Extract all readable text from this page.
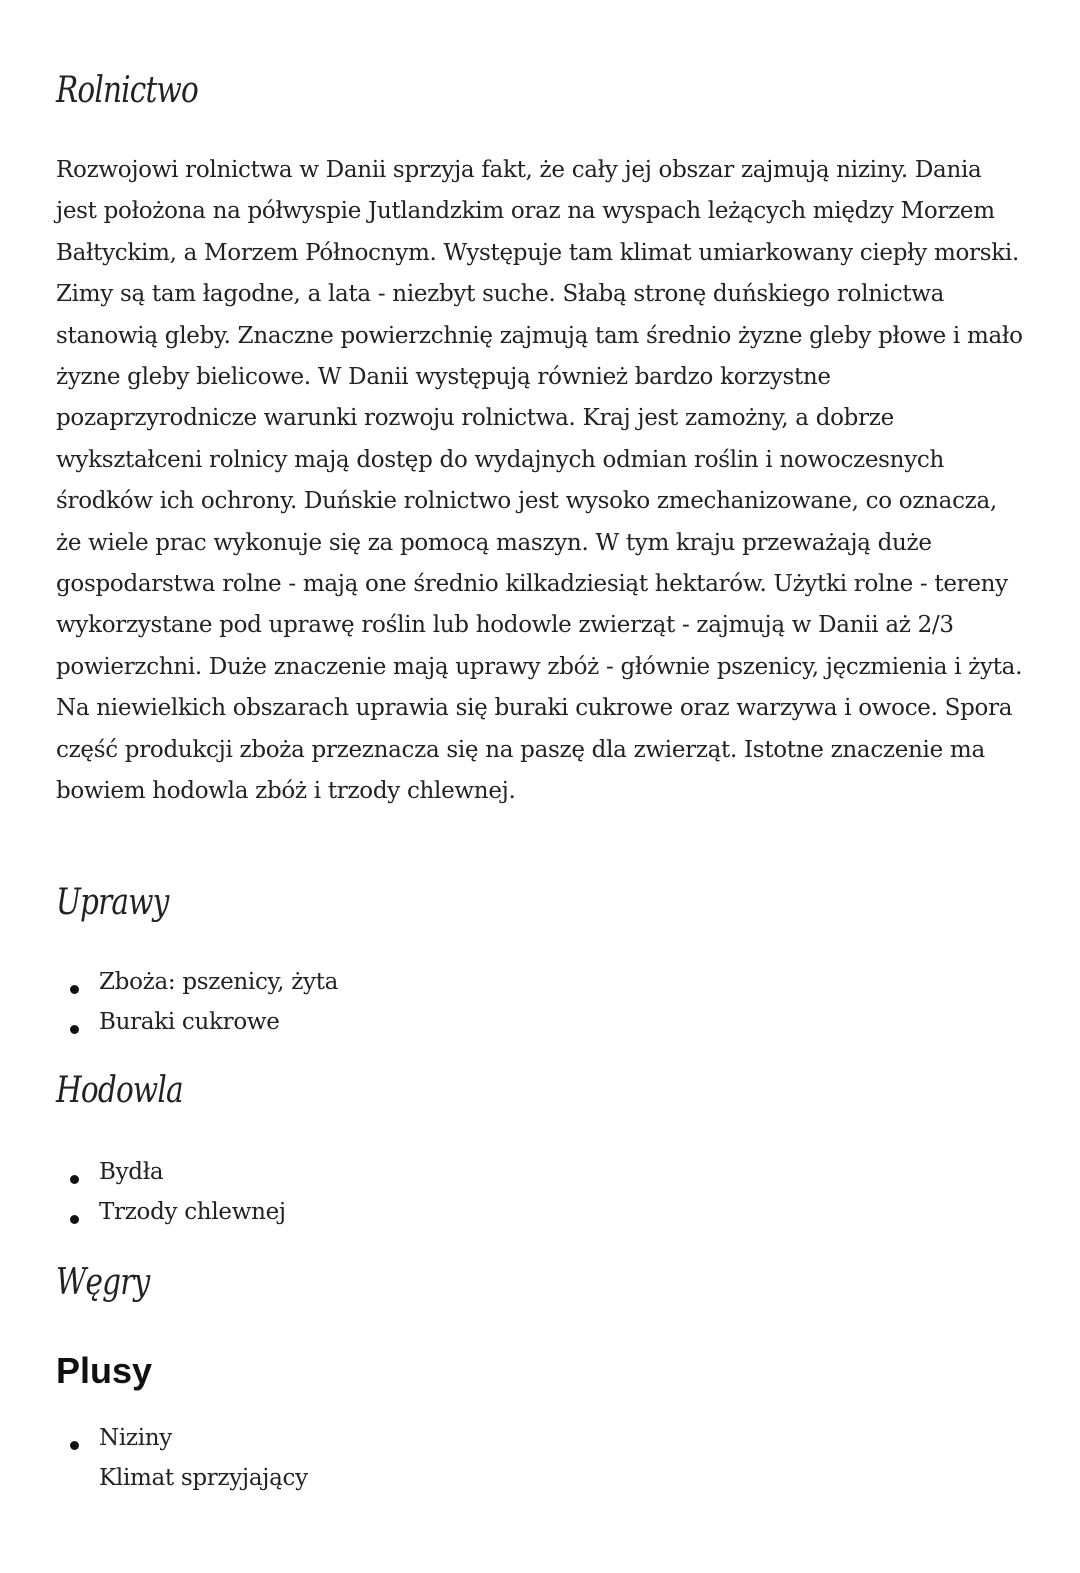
Rolnictwo

Rozwojowi rolnictwa w Danii sprzyja fakt, że cały jej obszar zajmują niziny. Dania jest położona na półwyspie Jutlandzkim oraz na wyspach leżących między Morzem Bałtyckim, a Morzem Północnym. Występuje tam klimat umiarkowany ciepły morski. Zimy są tam łagodne, a lata - niezbyt suche. Słabą stronę duńskiego rolnictwa stanowią gleby. Znaczne powierzchnię zajmują tam średnio żyzne gleby płowe i mało żyzne gleby bielicowe. W Danii występują również bardzo korzystne pozaprzyrodnicze warunki rozwoju rolnictwa. Kraj jest zamożny, a dobrze wykształceni rolnicy mają dostęp do wydajnych odmian roślin i nowoczesnych środków ich ochrony. Duńskie rolnictwo jest wysoko zmechanizowane, co oznacza, że wiele prac wykonuje się za pomocą maszyn. W tym kraju przeważają duże gospodarstwa rolne - mają one średnio kilkadziesiąt hektarów. Użytki rolne - tereny wykorzystane pod uprawę roślin lub hodowle zwierząt - zajmują w Danii aż 2/3 powierzchni. Duże znaczenie mają uprawy zbóż - głównie pszenicy, jęczmienia i żyta. Na niewielkich obszarach uprawia się buraki cukrowe oraz warzywa i owoce. Spora część produkcji zboża przeznacza się na paszę dla zwierząt. Istotne znaczenie ma bowiem hodowla zbóż i trzody chlewnej.

Uprawy
Zboża: pszenicy, żyta
Buraki cukrowe
Hodowla
Bydła
Trzody chlewnej
Węgry
Plusy
Niziny
Klimat sprzyjający
